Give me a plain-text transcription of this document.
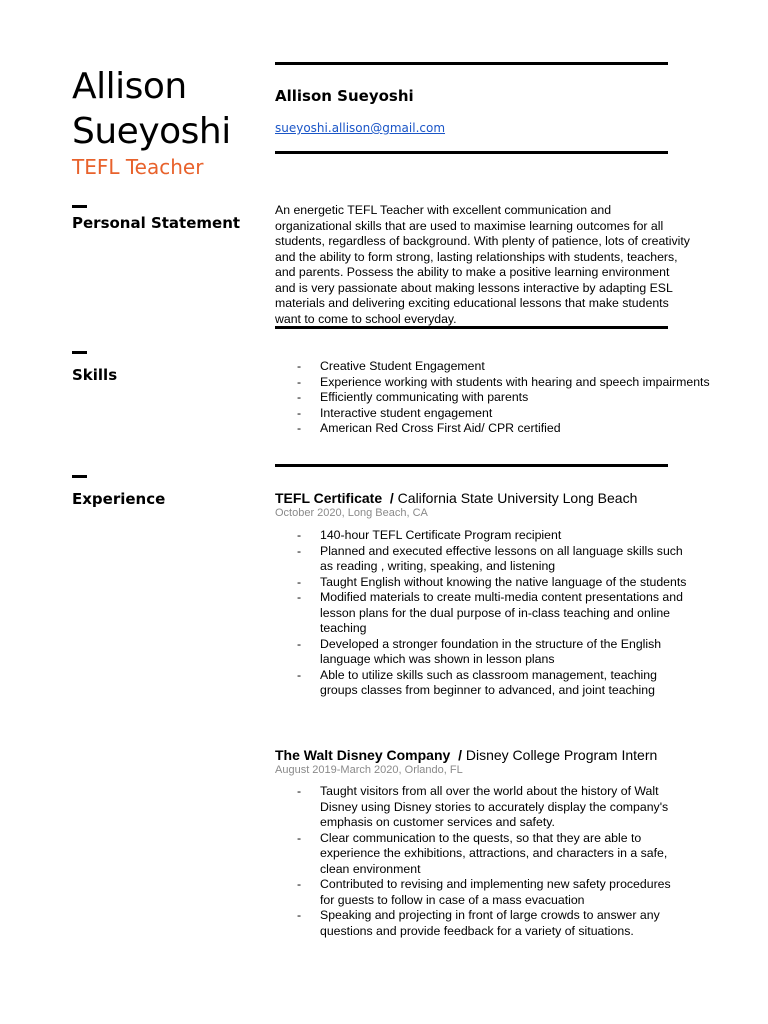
Allison
Sueyoshi
TEFL Teacher
Personal Statement
Skills
Experience
Allison Sueyoshi
sueyoshi.allison@gmail.com

An energetic TEFL Teacher with excellent communication and organizational skills that are used to maximise learning outcomes for all students, regardless of background. With plenty of patience, lots of creativity and the ability to form strong, lasting relationships with students, teachers, and parents. Possess the ability to make a positive learning environment and is very passionate about making lessons interactive by adapting ESL materials and delivering exciting educational lessons that make students want to come to school everyday.

- Creative Student Engagement
- Experience working with students with hearing and speech impairments
- Efficiently communicating with parents
- Interactive student engagement
- American Red Cross First Aid/ CPR certified
TEFL Certificate / California State University Long Beach
October 2020, Long Beach, CA
- 140-hour TEFL Certificate Program recipient
- Planned and executed effective lessons on all language skills such as reading , writing, speaking, and listening
- Taught English without knowing the native language of the students
- Modified materials to create multi-media content presentations and lesson plans for the dual purpose of in-class teaching and online teaching
- Developed a stronger foundation in the structure of the English language which was shown in lesson plans
- Able to utilize skills such as classroom management, teaching groups classes from beginner to advanced, and joint teaching
The Walt Disney Company / Disney College Program Intern
August 2019-March 2020, Orlando, FL
- Taught visitors from all over the world about the history of Walt Disney using Disney stories to accurately display the company's emphasis on customer services and safety.
- Clear communication to the quests, so that they are able to experience the exhibitions, attractions, and characters in a safe, clean environment
- Contributed to revising and implementing new safety procedures for guests to follow in case of a mass evacuation
- Speaking and projecting in front of large crowds to answer any questions and provide feedback for a variety of situations.
